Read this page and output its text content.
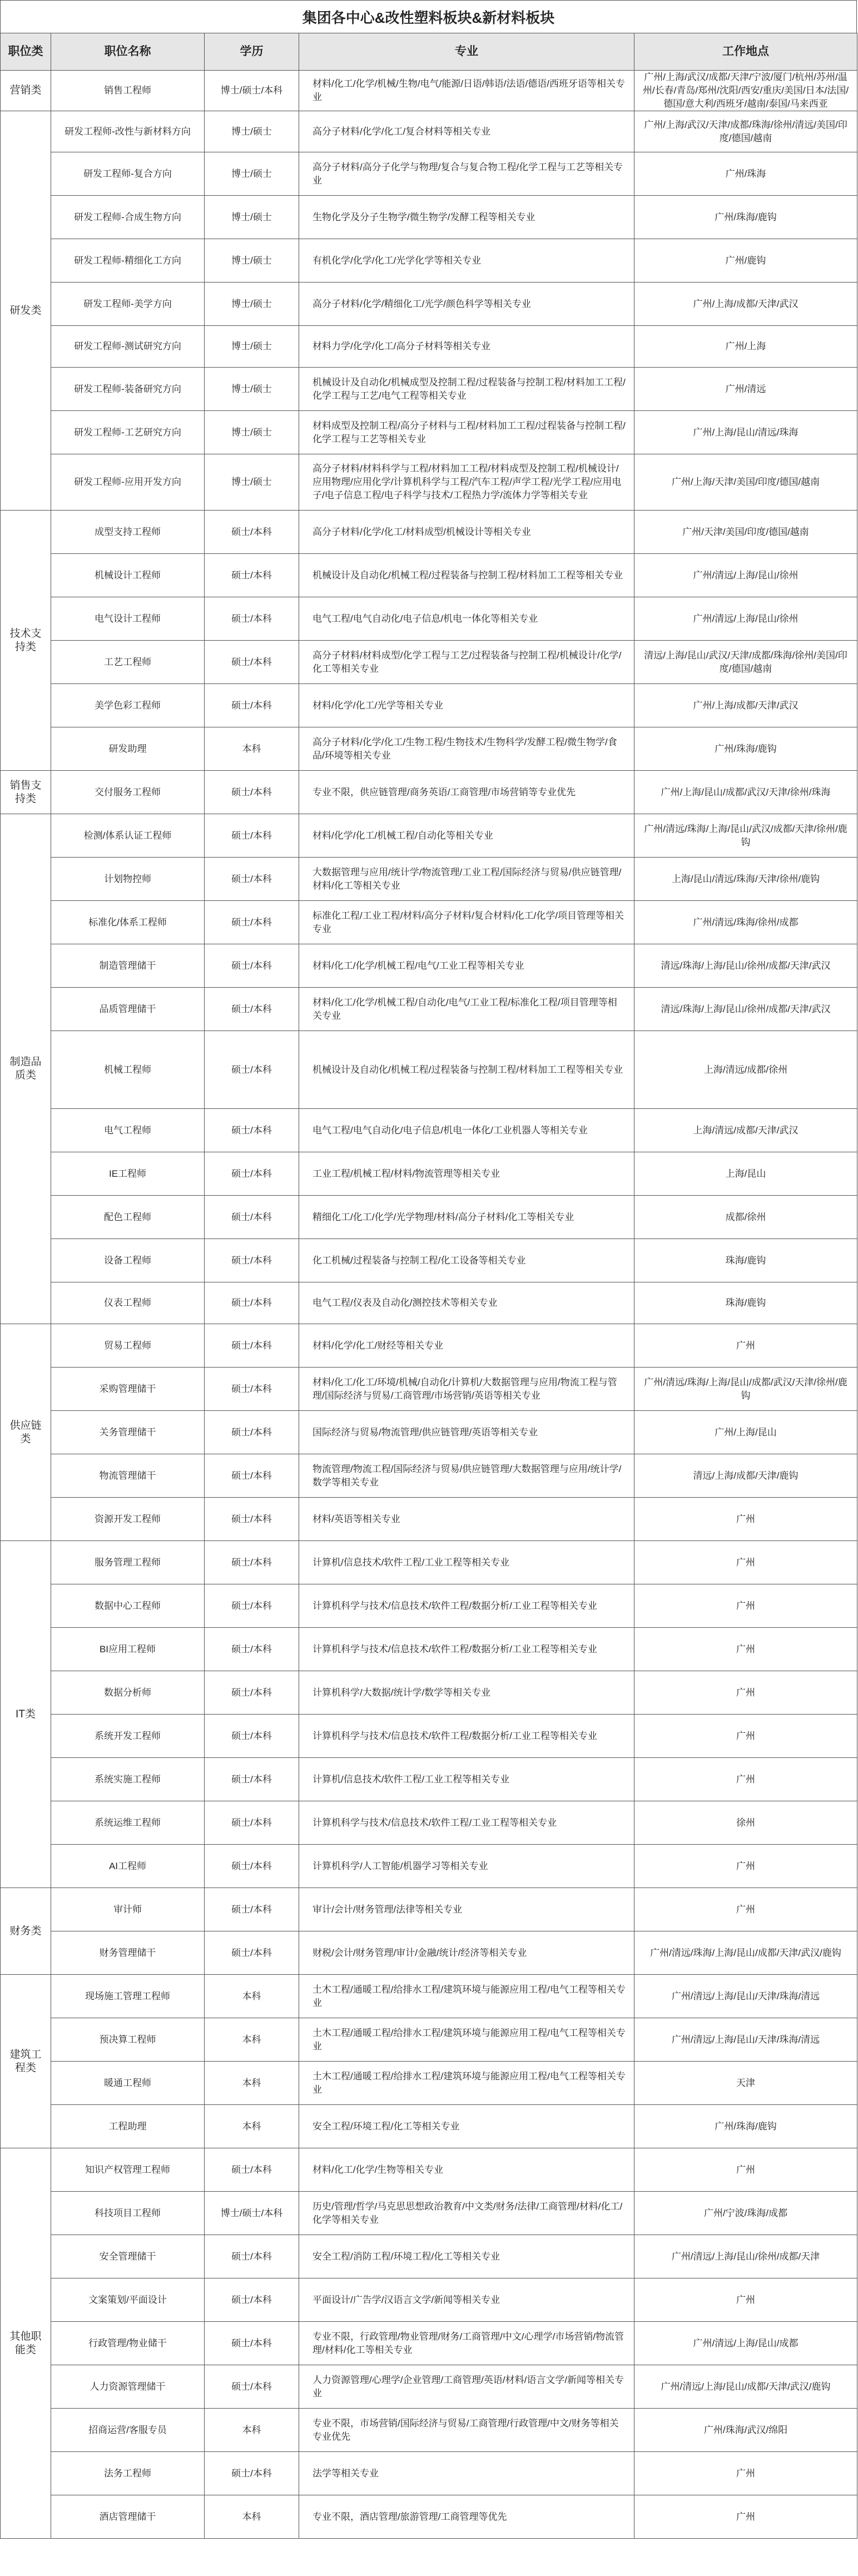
集团各中心&改性塑料板块&新材料板块
职位类	职位名称	学历	专业	工作地点
营销类	销售工程师	博士/硕士/本科	材料/化工/化学/机械/生物/电气/能源/日语/韩语/法语/德语/西班牙语等相关专业	广州/上海/武汉/成都/天津/宁波/厦门/杭州/苏州/温州/长春/青岛/郑州/沈阳/西安/重庆/美国/日本/法国/德国/意大利/西班牙/越南/泰国/马来西亚
研发类	研发工程师-改性与新材料方向	博士/硕士	高分子材料/化学/化工/复合材料等相关专业	广州/上海/武汉/天津/成都/珠海/徐州/清远/美国/印度/德国/越南
	研发工程师-复合方向	博士/硕士	高分子材料/高分子化学与物理/复合与复合物工程/化学工程与工艺等相关专业	广州/珠海
	研发工程师-合成生物方向	博士/硕士	生物化学及分子生物学/微生物学/发酵工程等相关专业	广州/珠海/鹿钩
	研发工程师-精细化工方向	博士/硕士	有机化学/化学/化工/光学化学等相关专业	广州/鹿钩
	研发工程师-美学方向	博士/硕士	高分子材料/化学/精细化工/光学/颜色科学等相关专业	广州/上海/成都/天津/武汉
	研发工程师-测试研究方向	博士/硕士	材料力学/化学/化工/高分子材料等相关专业	广州/上海
	研发工程师-装备研究方向	博士/硕士	机械设计及自动化/机械成型及控制工程/过程装备与控制工程/材料加工工程/化学工程与工艺/电气工程等相关专业	广州/清远
	研发工程师-工艺研究方向	博士/硕士	材料成型及控制工程/高分子材料与工程/材料加工工程/过程装备与控制工程/化学工程与工艺等相关专业	广州/上海/昆山/清远/珠海
	研发工程师-应用开发方向	博士/硕士	高分子材料/材料科学与工程/材料加工工程/材料成型及控制工程/机械设计/应用物理/应用化学/计算机科学与工程/汽车工程/声学工程/光学工程/应用电子/电子信息工程/电子科学与技术/工程热力学/流体力学等相关专业	广州/上海/天津/美国/印度/德国/越南
技术支持类	成型支持工程师	硕士/本科	高分子材料/化学/化工/材料成型/机械设计等相关专业	广州/天津/美国/印度/德国/越南
	机械设计工程师	硕士/本科	机械设计及自动化/机械工程/过程装备与控制工程/材料加工工程等相关专业	广州/清远/上海/昆山/徐州
	电气设计工程师	硕士/本科	电气工程/电气自动化/电子信息/机电一体化等相关专业	广州/清远/上海/昆山/徐州
	工艺工程师	硕士/本科	高分子材料/材料成型/化学工程与工艺/过程装备与控制工程/机械设计/化学/化工等相关专业	清远/上海/昆山/武汉/天津/成都/珠海/徐州/美国/印度/德国/越南
	美学色彩工程师	硕士/本科	材料/化学/化工/光学等相关专业	广州/上海/成都/天津/武汉
	研发助理	本科	高分子材料/化学/化工/生物工程/生物技术/生物科学/发酵工程/微生物学/食品/环境等相关专业	广州/珠海/鹿钩
销售支持类	交付服务工程师	硕士/本科	专业不限，供应链管理/商务英语/工商管理/市场营销等专业优先	广州/上海/昆山/成都/武汉/天津/徐州/珠海
制造品质类	检测/体系认证工程师	硕士/本科	材料/化学/化工/机械工程/自动化等相关专业	广州/清远/珠海/上海/昆山/武汉/成都/天津/徐州/鹿钩
	计划物控师	硕士/本科	大数据管理与应用/统计学/物流管理/工业工程/国际经济与贸易/供应链管理/材料/化工等相关专业	上海/昆山/清远/珠海/天津/徐州/鹿钩
	标准化/体系工程师	硕士/本科	标准化工程/工业工程/材料/高分子材料/复合材料/化工/化学/项目管理等相关专业	广州/清远/珠海/徐州/成都
	制造管理储干	硕士/本科	材料/化工/化学/机械工程/电气/工业工程等相关专业	清远/珠海/上海/昆山/徐州/成都/天津/武汉
	品质管理储干	硕士/本科	材料/化工/化学/机械工程/自动化/电气/工业工程/标准化工程/项目管理等相关专业	清远/珠海/上海/昆山/徐州/成都/天津/武汉
	机械工程师	硕士/本科	机械设计及自动化/机械工程/过程装备与控制工程/材料加工工程等相关专业	上海/清远/成都/徐州
	电气工程师	硕士/本科	电气工程/电气自动化/电子信息/机电一体化/工业机器人等相关专业	上海/清远/成都/天津/武汉
	IE工程师	硕士/本科	工业工程/机械工程/材料/物流管理等相关专业	上海/昆山
	配色工程师	硕士/本科	精细化工/化工/化学/光学物理/材料/高分子材料/化工等相关专业	成都/徐州
	设备工程师	硕士/本科	化工机械/过程装备与控制工程/化工设备等相关专业	珠海/鹿钩
	仪表工程师	硕士/本科	电气工程/仪表及自动化/测控技术等相关专业	珠海/鹿钩
供应链类	贸易工程师	硕士/本科	材料/化学/化工/财经等相关专业	广州
	采购管理储干	硕士/本科	材料/化工/化工/环境/机械/自动化/计算机/大数据管理与应用/物流工程与管理/国际经济与贸易/工商管理/市场营销/英语等相关专业	广州/清远/珠海/上海/昆山/成都/武汉/天津/徐州/鹿钩
	关务管理储干	硕士/本科	国际经济与贸易/物流管理/供应链管理/英语等相关专业	广州/上海/昆山
	物流管理储干	硕士/本科	物流管理/物流工程/国际经济与贸易/供应链管理/大数据管理与应用/统计学/数学等相关专业	清远/上海/成都/天津/鹿钩
	资源开发工程师	硕士/本科	材料/英语等相关专业	广州
IT类	服务管理工程师	硕士/本科	计算机/信息技术/软件工程/工业工程等相关专业	广州
	数据中心工程师	硕士/本科	计算机科学与技术/信息技术/软件工程/数据分析/工业工程等相关专业	广州
	BI应用工程师	硕士/本科	计算机科学与技术/信息技术/软件工程/数据分析/工业工程等相关专业	广州
	数据分析师	硕士/本科	计算机科学/大数据/统计学/数学等相关专业	广州
	系统开发工程师	硕士/本科	计算机科学与技术/信息技术/软件工程/数据分析/工业工程等相关专业	广州
	系统实施工程师	硕士/本科	计算机/信息技术/软件工程/工业工程等相关专业	广州
	系统运维工程师	硕士/本科	计算机科学与技术/信息技术/软件工程/工业工程等相关专业	徐州
	AI工程师	硕士/本科	计算机科学/人工智能/机器学习等相关专业	广州
财务类	审计师	硕士/本科	审计/会计/财务管理/法律等相关专业	广州
	财务管理储干	硕士/本科	财税/会计/财务管理/审计/金融/统计/经济等相关专业	广州/清远/珠海/上海/昆山/成都/天津/武汉/鹿钩
建筑工程类	现场施工管理工程师	本科	土木工程/通暖工程/给排水工程/建筑环境与能源应用工程/电气工程等相关专业	广州/清远/上海/昆山/天津/珠海/清远
	预决算工程师	本科	土木工程/通暖工程/给排水工程/建筑环境与能源应用工程/电气工程等相关专业	广州/清远/上海/昆山/天津/珠海/清远
	暖通工程师	本科	土木工程/通暖工程/给排水工程/建筑环境与能源应用工程/电气工程等相关专业	天津
	工程助理	本科	安全工程/环境工程/化工等相关专业	广州/珠海/鹿钩
其他职能类	知识产权管理工程师	硕士/本科	材料/化工/化学/生物等相关专业	广州
	科技项目工程师	博士/硕士/本科	历史/管理/哲学/马克思思想政治教育/中文类/财务/法律/工商管理/材料/化工/化学等相关专业	广州/宁波/珠海/成都
	安全管理储干	硕士/本科	安全工程/消防工程/环境工程/化工等相关专业	广州/清远/上海/昆山/徐州/成都/天津
	文案策划/平面设计	硕士/本科	平面设计/广告学/汉语言文学/新闻等相关专业	广州
	行政管理/物业储干	硕士/本科	专业不限，行政管理/物业管理/财务/工商管理/中文/心理学/市场营销/物流管理/材料/化工等相关专业	广州/清远/上海/昆山/成都
	人力资源管理储干	硕士/本科	人力资源管理/心理学/企业管理/工商管理/英语/材料/语言文学/新闻等相关专业	广州/清远/上海/昆山/成都/天津/武汉/鹿钩
	招商运营/客服专员	本科	专业不限，市场营销/国际经济与贸易/工商管理/行政管理/中文/财务等相关专业优先	广州/珠海/武汉/绵阳
	法务工程师	硕士/本科	法学等相关专业	广州
	酒店管理储干	本科	专业不限，酒店管理/旅游管理/工商管理等优先	广州
